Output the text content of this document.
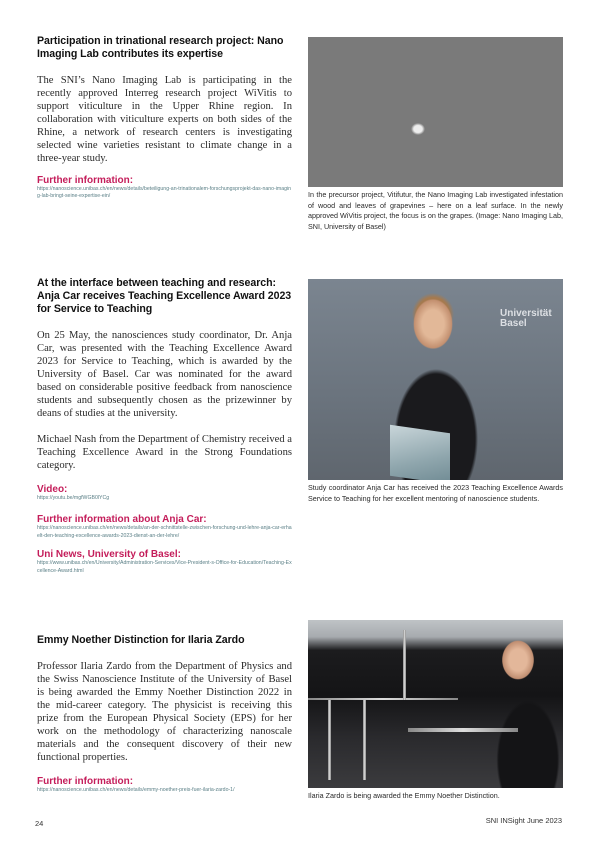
Participation in trinational research project: Nano Imaging Lab contributes its expertise

The SNI’s Nano Imaging Lab is participating in the recently approved Interreg research project WiVitis to support viticulture in the Upper Rhine region. In collaboration with viticulture experts on both sides of the Rhine, a network of research centers is investigating selected wine varieties resistant to climate change in a three-year study.

Further information:
https://nanoscience.unibas.ch/en/news/details/beteiligung-an-trinationalem-forschungsprojekt-das-nano-imaging-lab-bringt-seine-expertise-ein/	In the precursor project, Vitifutur, the Nano Imaging Lab investigated infestation of wood and leaves of grapevines – here on a leaf surface. In the newly approved WiVitis project, the focus is on the grapes. (Image: Nano Imaging Lab, SNI, University of Basel)
At the interface between teaching and research: Anja Car receives Teaching Excellence Award 2023 for Service to Teaching

On 25 May, the nanosciences study coordinator, Dr. Anja Car, was presented with the Teaching Excellence Award 2023 for Service to Teaching, which is awarded by the University of Basel. Car was nominated for the award based on considerable positive feedback from nanoscience students and subsequently chosen as the prizewinner by deans of studies at the university.

Michael Nash from the Department of Chemistry received a Teaching Excellence Award in the Strong Foundations category.

Video:
https://youtu.be/mgfWGB0lYCg
Further information about Anja Car:
https://nanoscience.unibas.ch/en/news/details/an-der-schnittstelle-zwischen-forschung-und-lehre-anja-car-erhaelt-den-teaching-excellence-awards-2023-dienst-an-der-lehre/
Uni News, University of Basel:
https://www.unibas.ch/en/University/Administration-Services/Vice-President-s-Office-for-Education/Teaching-Excellence-Award.html
Universität
Basel
Study coordinator Anja Car has received the 2023 Teaching Excellence Awards Service to Teaching for her excellent mentoring of nanoscience students.
Emmy Noether Distinction for Ilaria Zardo

Professor Ilaria Zardo from the Department of Physics and the Swiss Nanoscience Institute of the University of Basel is being awarded the Emmy Noether Distinction 2022 in the mid-career category. The physicist is receiving this prize from the European Physical Society (EPS) for her work on the methodology of characterizing nanoscale materials and the consequent discovery of their new functional properties.

Further information:
https://nanoscience.unibas.ch/en/news/details/emmy-noether-preis-fuer-ilaria-zardo-1/
Ilaria Zardo is being awarded the Emmy Noether Distinction.
24	SNI INSight June 2023
